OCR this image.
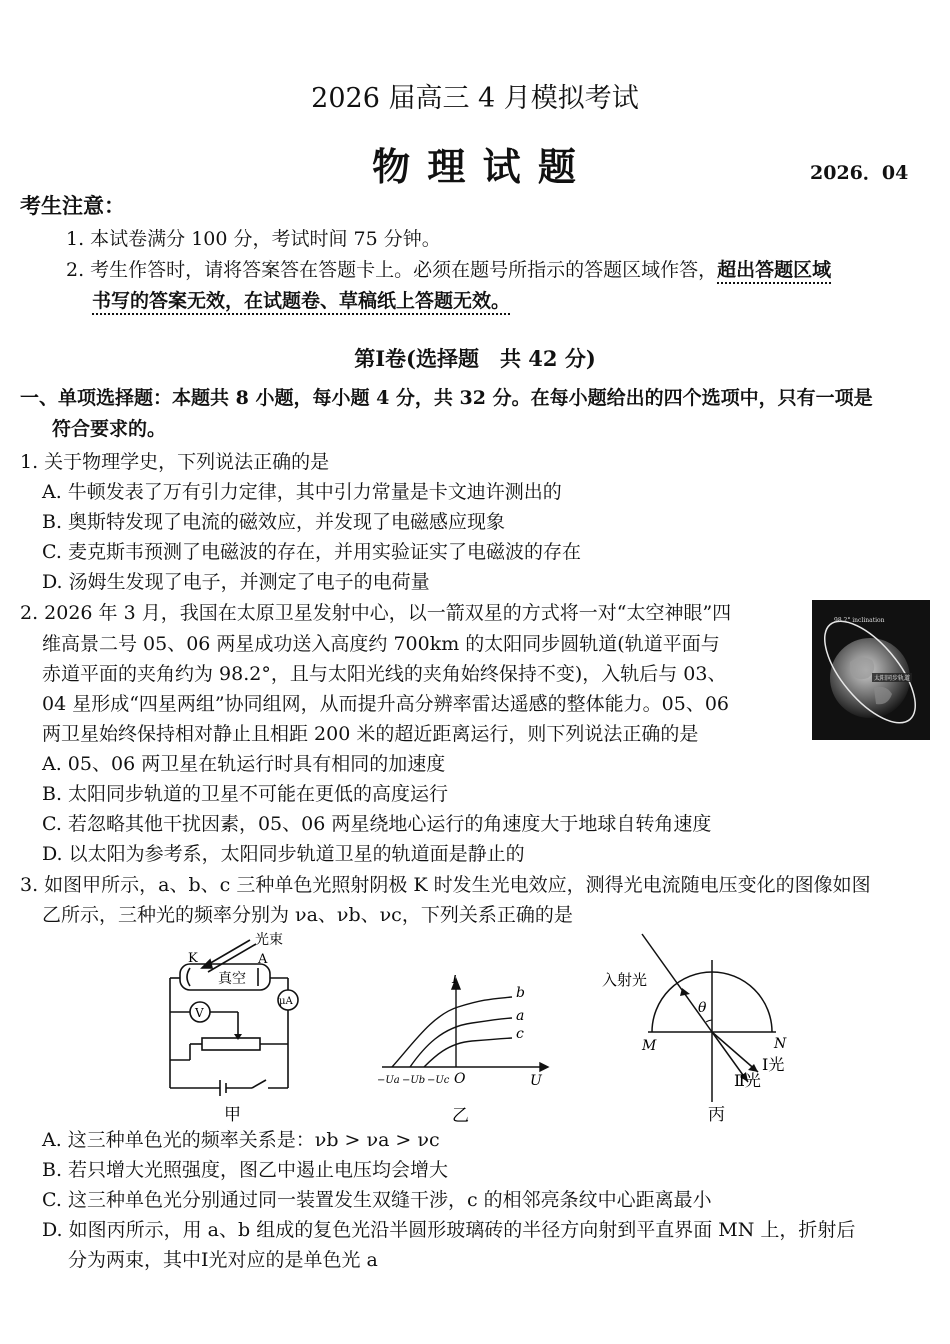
2026 届高三 4 月模拟考试
物 理 试 题	2026．04
考生注意：
1. 本试卷满分 100 分，考试时间 75 分钟。
2. 考生作答时，请将答案答在答题卡上。必须在题号所指示的答题区域作答，超出答题区域
书写的答案无效，在试题卷、草稿纸上答题无效。
第Ⅰ卷(选择题　共 42 分)
一、单项选择题：本题共 8 小题，每小题 4 分，共 32 分。在每小题给出的四个选项中，只有一项是
符合要求的。
1. 关于物理学史，下列说法正确的是
A. 牛顿发表了万有引力定律，其中引力常量是卡文迪许测出的
B. 奥斯特发现了电流的磁效应，并发现了电磁感应现象
C. 麦克斯韦预测了电磁波的存在，并用实验证实了电磁波的存在
D. 汤姆生发现了电子，并测定了电子的电荷量
2. 2026 年 3 月，我国在太原卫星发射中心，以一箭双星的方式将一对“太空神眼”四
维高景二号 05、06 两星成功送入高度约 700km 的太阳同步圆轨道(轨道平面与
赤道平面的夹角约为 98.2°，且与太阳光线的夹角始终保持不变)，入轨后与 03、
04 星形成“四星两组”协同组网，从而提升高分辨率雷达遥感的整体能力。05、06
两卫星始终保持相对静止且相距 200 米的超近距离运行，则下列说法正确的是
A. 05、06 两卫星在轨运行时具有相同的加速度
B. 太阳同步轨道的卫星不可能在更低的高度运行
C. 若忽略其他干扰因素，05、06 两星绕地心运行的角速度大于地球自转角速度
D. 以太阳为参考系，太阳同步轨道卫星的轨道面是静止的
98.2° inclination
太阳同步轨道
3. 如图甲所示，a、b、c 三种单色光照射阴极 K 时发生光电效应，测得光电流随电压变化的图像如图
乙所示，三种光的频率分别为 νa、νb、νc，下列关系正确的是
光束
K	A
真空
V
μA
甲
I
b
a
c
−Ua −Ub −Uc O	U
乙
入射光
θ
M	N
Ⅰ光
Ⅱ光
丙
A. 这三种单色光的频率关系是：νb > νa > νc
B. 若只增大光照强度，图乙中遏止电压均会增大
C. 这三种单色光分别通过同一装置发生双缝干涉，c 的相邻亮条纹中心距离最小
D. 如图丙所示，用 a、b 组成的复色光沿半圆形玻璃砖的半径方向射到平直界面 MN 上，折射后
分为两束，其中Ⅰ光对应的是单色光 a
